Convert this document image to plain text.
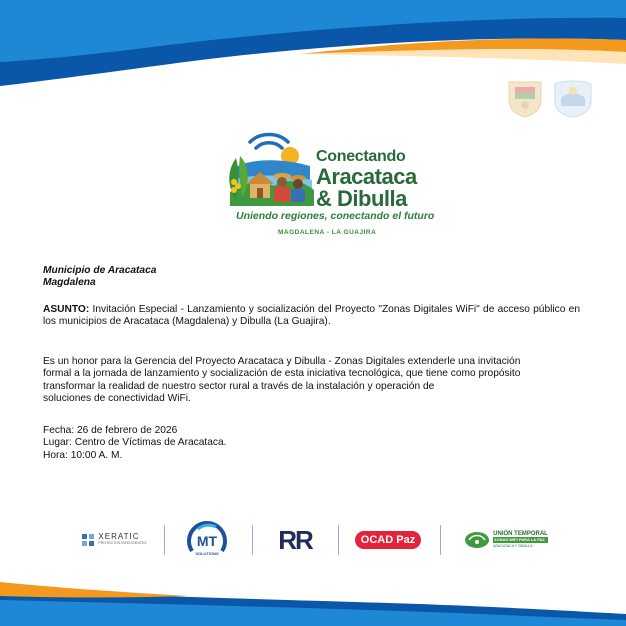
Conectando
Aracataca
& Dibulla
Uniendo regiones, conectando el futuro
MAGDALENA - LA GUAJIRA
Municipio de Aracataca
Magdalena
ASUNTO: Invitación Especial - Lanzamiento y socialización del Proyecto "Zonas Digitales WiFi" de acceso público en los municipios de Aracataca (Magdalena) y Dibulla (La Guajira).
Es un honor para la Gerencia del Proyecto Aracataca y Dibulla - Zonas Digitales extenderle una invitación
formal a la jornada de lanzamiento y socialización de esta iniciativa tecnológica, que tiene como propósito
transformar la realidad de nuestro sector rural a través de la instalación y operación de
soluciones de conectividad WiFi.
Fecha: 26 de febrero de 2026
Lugar: Centro de Víctimas de Aracataca.
Hora: 10:00 A. M.
XERATIC
PROYECTOS INTELIGENTES	MT
SOLUTIONS RR	OCAD Paz	UNIÓN TEMPORAL
ZONAS WIFI PARA LA PAZ
ARACATACA Y DIBULLA
